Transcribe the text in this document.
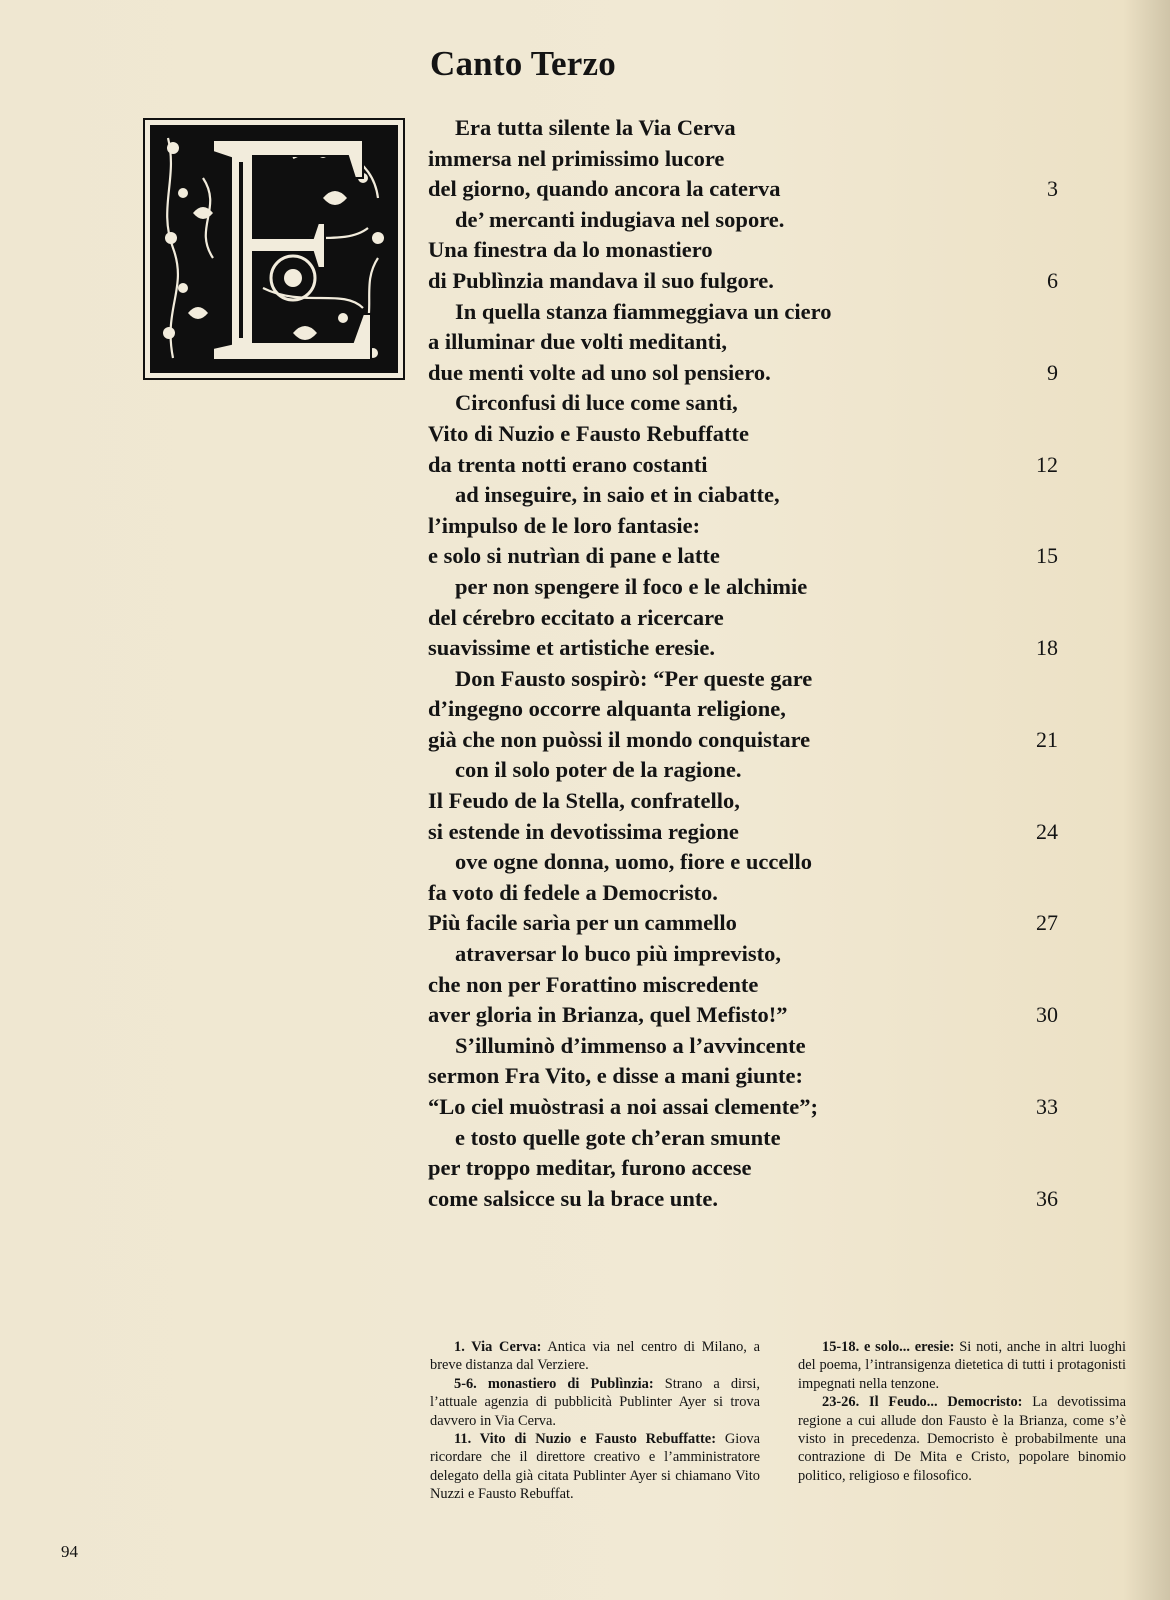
Canto Terzo
Era tutta silente la Via Cerva
immersa nel primissimo lucore
del giorno, quando ancora la caterva	3
de’ mercanti indugiava nel sopore.
Una finestra da lo monastiero
di Publìnzia mandava il suo fulgore.	6
In quella stanza fiammeggiava un ciero
a illuminar due volti meditanti,
due menti volte ad uno sol pensiero.	9
Circonfusi di luce come santi,
Vito di Nuzio e Fausto Rebuffatte
da trenta notti erano costanti	12
ad inseguire, in saio et in ciabatte,
l’impulso de le loro fantasie:
e solo si nutrìan di pane e latte	15
per non spengere il foco e le alchimie
del cérebro eccitato a ricercare
suavissime et artistiche eresie.	18
Don Fausto sospirò: “Per queste gare
d’ingegno occorre alquanta religione,
già che non puòssi il mondo conquistare	21
con il solo poter de la ragione.
Il Feudo de la Stella, confratello,
si estende in devotissima regione	24
ove ogne donna, uomo, fiore e uccello
fa voto di fedele a Democristo.
Più facile sarìa per un cammello	27
atraversar lo buco più imprevisto,
che non per Forattino miscredente
aver gloria in Brianza, quel Mefisto!”	30
S’illuminò d’immenso a l’avvincente
sermon Fra Vito, e disse a mani giunte:
“Lo ciel muòstrasi a noi assai clemente”;	33
e tosto quelle gote ch’eran smunte
per troppo meditar, furono accese
come salsicce su la brace unte.	36

1. Via Cerva: Antica via nel centro di Milano, a breve distanza dal Verziere.

5-6. monastiero di Publìnzia: Strano a dirsi, l’attuale agenzia di pubblicità Publinter Ayer si trova davvero in Via Cerva.

11. Vito di Nuzio e Fausto Rebuffatte: Giova ricordare che il direttore creativo e l’amministratore delegato della già citata Publinter Ayer si chiamano Vito Nuzzi e Fausto Rebuffat.

15-18. e solo... eresie: Si noti, anche in altri luoghi del poema, l’intransigenza dietetica di tutti i protagonisti impegnati nella tenzone.

23-26. Il Feudo... Democristo: La devotissima regione a cui allude don Fausto è la Brianza, come s’è visto in precedenza. Democristo è probabilmente una contrazione di De Mita e Cristo, popolare binomio politico, religioso e filosofico.

94
